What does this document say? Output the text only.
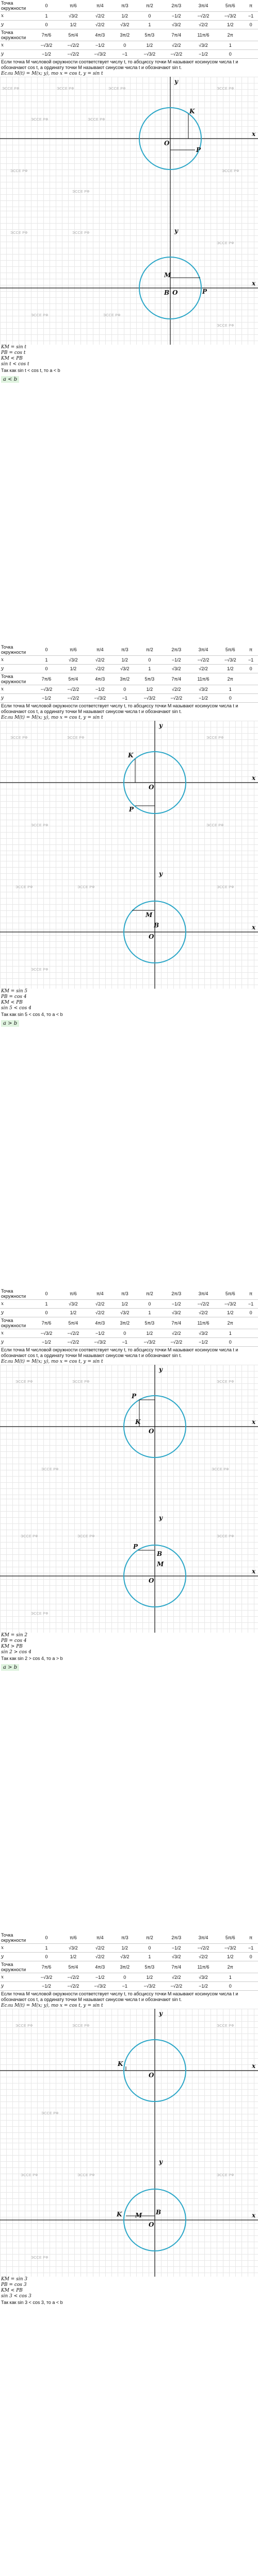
Точка окружности	0	π/6	π/4	π/3	π/2	2π/3	3π/4	5π/6	π
x	1	√3/2	√2/2	1/2	0	−1/2	−√2/2	−√3/2	−1
y	0	1/2	√2/2	√3/2	1	√3/2	√2/2	1/2	0
Точка окружности	7π/6	5π/4	4π/3	3π/2	5π/3	7π/4	11π/6	2π	
x	−√3/2	−√2/2	−1/2	0	1/2	√2/2	√3/2	1	
y	−1/2	−√2/2	−√3/2	−1	−√3/2	−√2/2	−1/2	0	
Если точка M числовой окружности соответствует числу t, то абсциссу точки M называют косинусом числа t и обозначают cos t, а ординату точки M называют синусом числа t и обозначают sin t.
Если M(t) = M(x; y), то x = cos t, y = sin t
y
K
P
O
x
ЭССЕ РФ	ЭССЕ РФ	ЭССЕ РФ	ЭССЕ РФ
ЭССЕ РФ	ЭССЕ РФ
ЭССЕ РФ
ЭССЕ РФ
ЭССЕ РФ
y
M
B	P
O
x
ЭССЕ РФ	ЭССЕ РФ
ЭССЕ РФ
ЭССЕ РФ	ЭССЕ РФ
ЭССЕ РФ
KM = sin t
PB = cos t
KM < PB
sin t < cos t
Так как sin t < cos t, то a < b
a < b
Точка окружности	0	π/6	π/4	π/3	π/2	2π/3	3π/4	5π/6	π
x	1	√3/2	√2/2	1/2	0	−1/2	−√2/2	−√3/2	−1
y	0	1/2	√2/2	√3/2	1	√3/2	√2/2	1/2	0
Точка окружности	7π/6	5π/4	4π/3	3π/2	5π/3	7π/4	11π/6	2π	
x	−√3/2	−√2/2	−1/2	0	1/2	√2/2	√3/2	1	
y	−1/2	−√2/2	−√3/2	−1	−√3/2	−√2/2	−1/2	0	
Если точка M числовой окружности соответствует числу t, то абсциссу точки M называют косинусом числа t и обозначают cos t, а ординату точки M называют синусом числа t и обозначают sin t.
Если M(t) = M(x; y), то x = cos t, y = sin t
y
K
P
O
x
ЭССЕ РФ	ЭССЕ РФ	ЭССЕ РФ
ЭССЕ РФ	ЭССЕ РФ
y
M
B
O
x
ЭССЕ РФ	ЭССЕ РФ	ЭССЕ РФ
ЭССЕ РФ
KM = sin 5
PB = cos 4
KM < PB
sin 5 < cos 4
Так как sin 5 < cos 4, то a < b
a > b
Точка окружности	0	π/6	π/4	π/3	π/2	2π/3	3π/4	5π/6	π
x	1	√3/2	√2/2	1/2	0	−1/2	−√2/2	−√3/2	−1
y	0	1/2	√2/2	√3/2	1	√3/2	√2/2	1/2	0
Точка окружности	7π/6	5π/4	4π/3	3π/2	5π/3	7π/4	11π/6	2π	
x	−√3/2	−√2/2	−1/2	0	1/2	√2/2	√3/2	1	
y	−1/2	−√2/2	−√3/2	−1	−√3/2	−√2/2	−1/2	0	
Если точка M числовой окружности соответствует числу t, то абсциссу точки M называют косинусом числа t и обозначают cos t, а ординату точки M называют синусом числа t и обозначают sin t.
Если M(t) = M(x; y), то x = cos t, y = sin t
y
P
K
O
x
ЭССЕ РФ	ЭССЕ РФ	ЭССЕ РФ
ЭССЕ РФ	ЭССЕ РФ
y
P
B
M
O
x
ЭССЕ РФ	ЭССЕ РФ	ЭССЕ РФ
ЭССЕ РФ
KM = sin 2
PB = cos 4
KM > PB
sin 2 > cos 4
Так как sin 2 > cos 4, то a > b
a > b
Точка окружности	0	π/6	π/4	π/3	π/2	2π/3	3π/4	5π/6	π
x	1	√3/2	√2/2	1/2	0	−1/2	−√2/2	−√3/2	−1
y	0	1/2	√2/2	√3/2	1	√3/2	√2/2	1/2	0
Точка окружности	7π/6	5π/4	4π/3	3π/2	5π/3	7π/4	11π/6	2π	
x	−√3/2	−√2/2	−1/2	0	1/2	√2/2	√3/2	1	
y	−1/2	−√2/2	−√3/2	−1	−√3/2	−√2/2	−1/2	0	
Если точка M числовой окружности соответствует числу t, то абсциссу точки M называют косинусом числа t и обозначают cos t, а ординату точки M называют синусом числа t и обозначают sin t.
Если M(t) = M(x; y), то x = cos t, y = sin t
y
K
O
x
ЭССЕ РФ	ЭССЕ РФ	ЭССЕ РФ
ЭССЕ РФ
y
K M B
O
x
ЭССЕ РФ	ЭССЕ РФ	ЭССЕ РФ
ЭССЕ РФ
KM = sin 3
PB = cos 3
KM < PB
sin 3 < cos 3
Так как sin 3 < cos 3, то a < b
